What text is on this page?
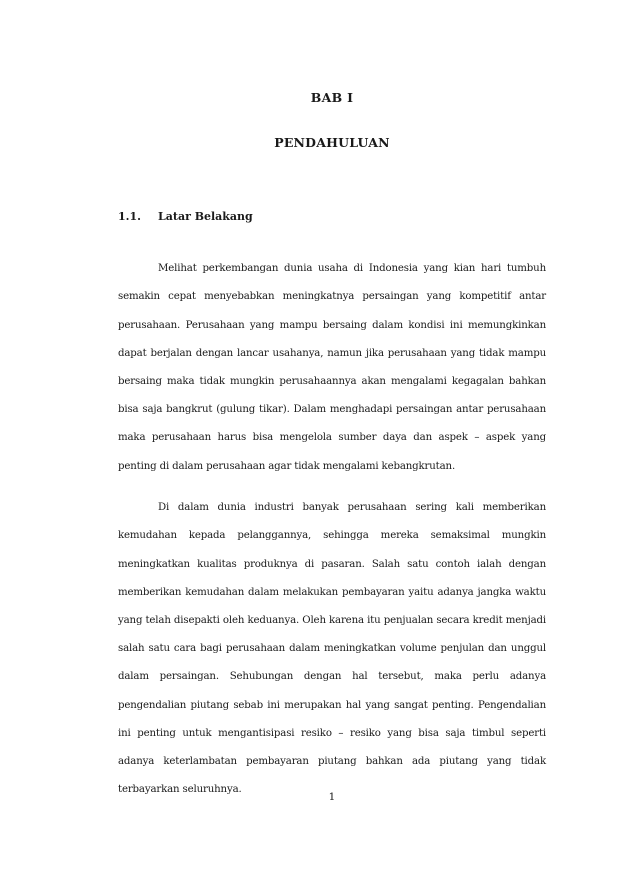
BAB I
PENDAHULUAN
1.1. Latar Belakang

Melihat perkembangan dunia usaha di Indonesia yang kian hari tumbuh semakin cepat menyebabkan meningkatnya persaingan yang kompetitif antar perusahaan. Perusahaan yang mampu bersaing dalam kondisi ini memungkinkan dapat berjalan dengan lancar usahanya, namun jika perusahaan yang tidak mampu bersaing maka tidak mungkin perusahaannya akan mengalami kegagalan bahkan bisa saja bangkrut (gulung tikar). Dalam menghadapi persaingan antar perusahaan maka perusahaan harus bisa mengelola sumber daya dan aspek – aspek yang penting di dalam perusahaan agar tidak mengalami kebangkrutan.

Di dalam dunia industri banyak perusahaan sering kali memberikan kemudahan kepada pelanggannya, sehingga mereka semaksimal mungkin meningkatkan kualitas produknya di pasaran. Salah satu contoh ialah dengan memberikan kemudahan dalam melakukan pembayaran yaitu adanya jangka waktu yang telah disepakti oleh keduanya. Oleh karena itu penjualan secara kredit menjadi salah satu cara bagi perusahaan dalam meningkatkan volume penjulan dan unggul dalam persaingan. Sehubungan dengan hal tersebut, maka perlu adanya pengendalian piutang sebab ini merupakan hal yang sangat penting. Pengendalian ini penting untuk mengantisipasi resiko – resiko yang bisa saja timbul seperti adanya keterlambatan pembayaran piutang bahkan ada piutang yang tidak terbayarkan seluruhnya.

1
